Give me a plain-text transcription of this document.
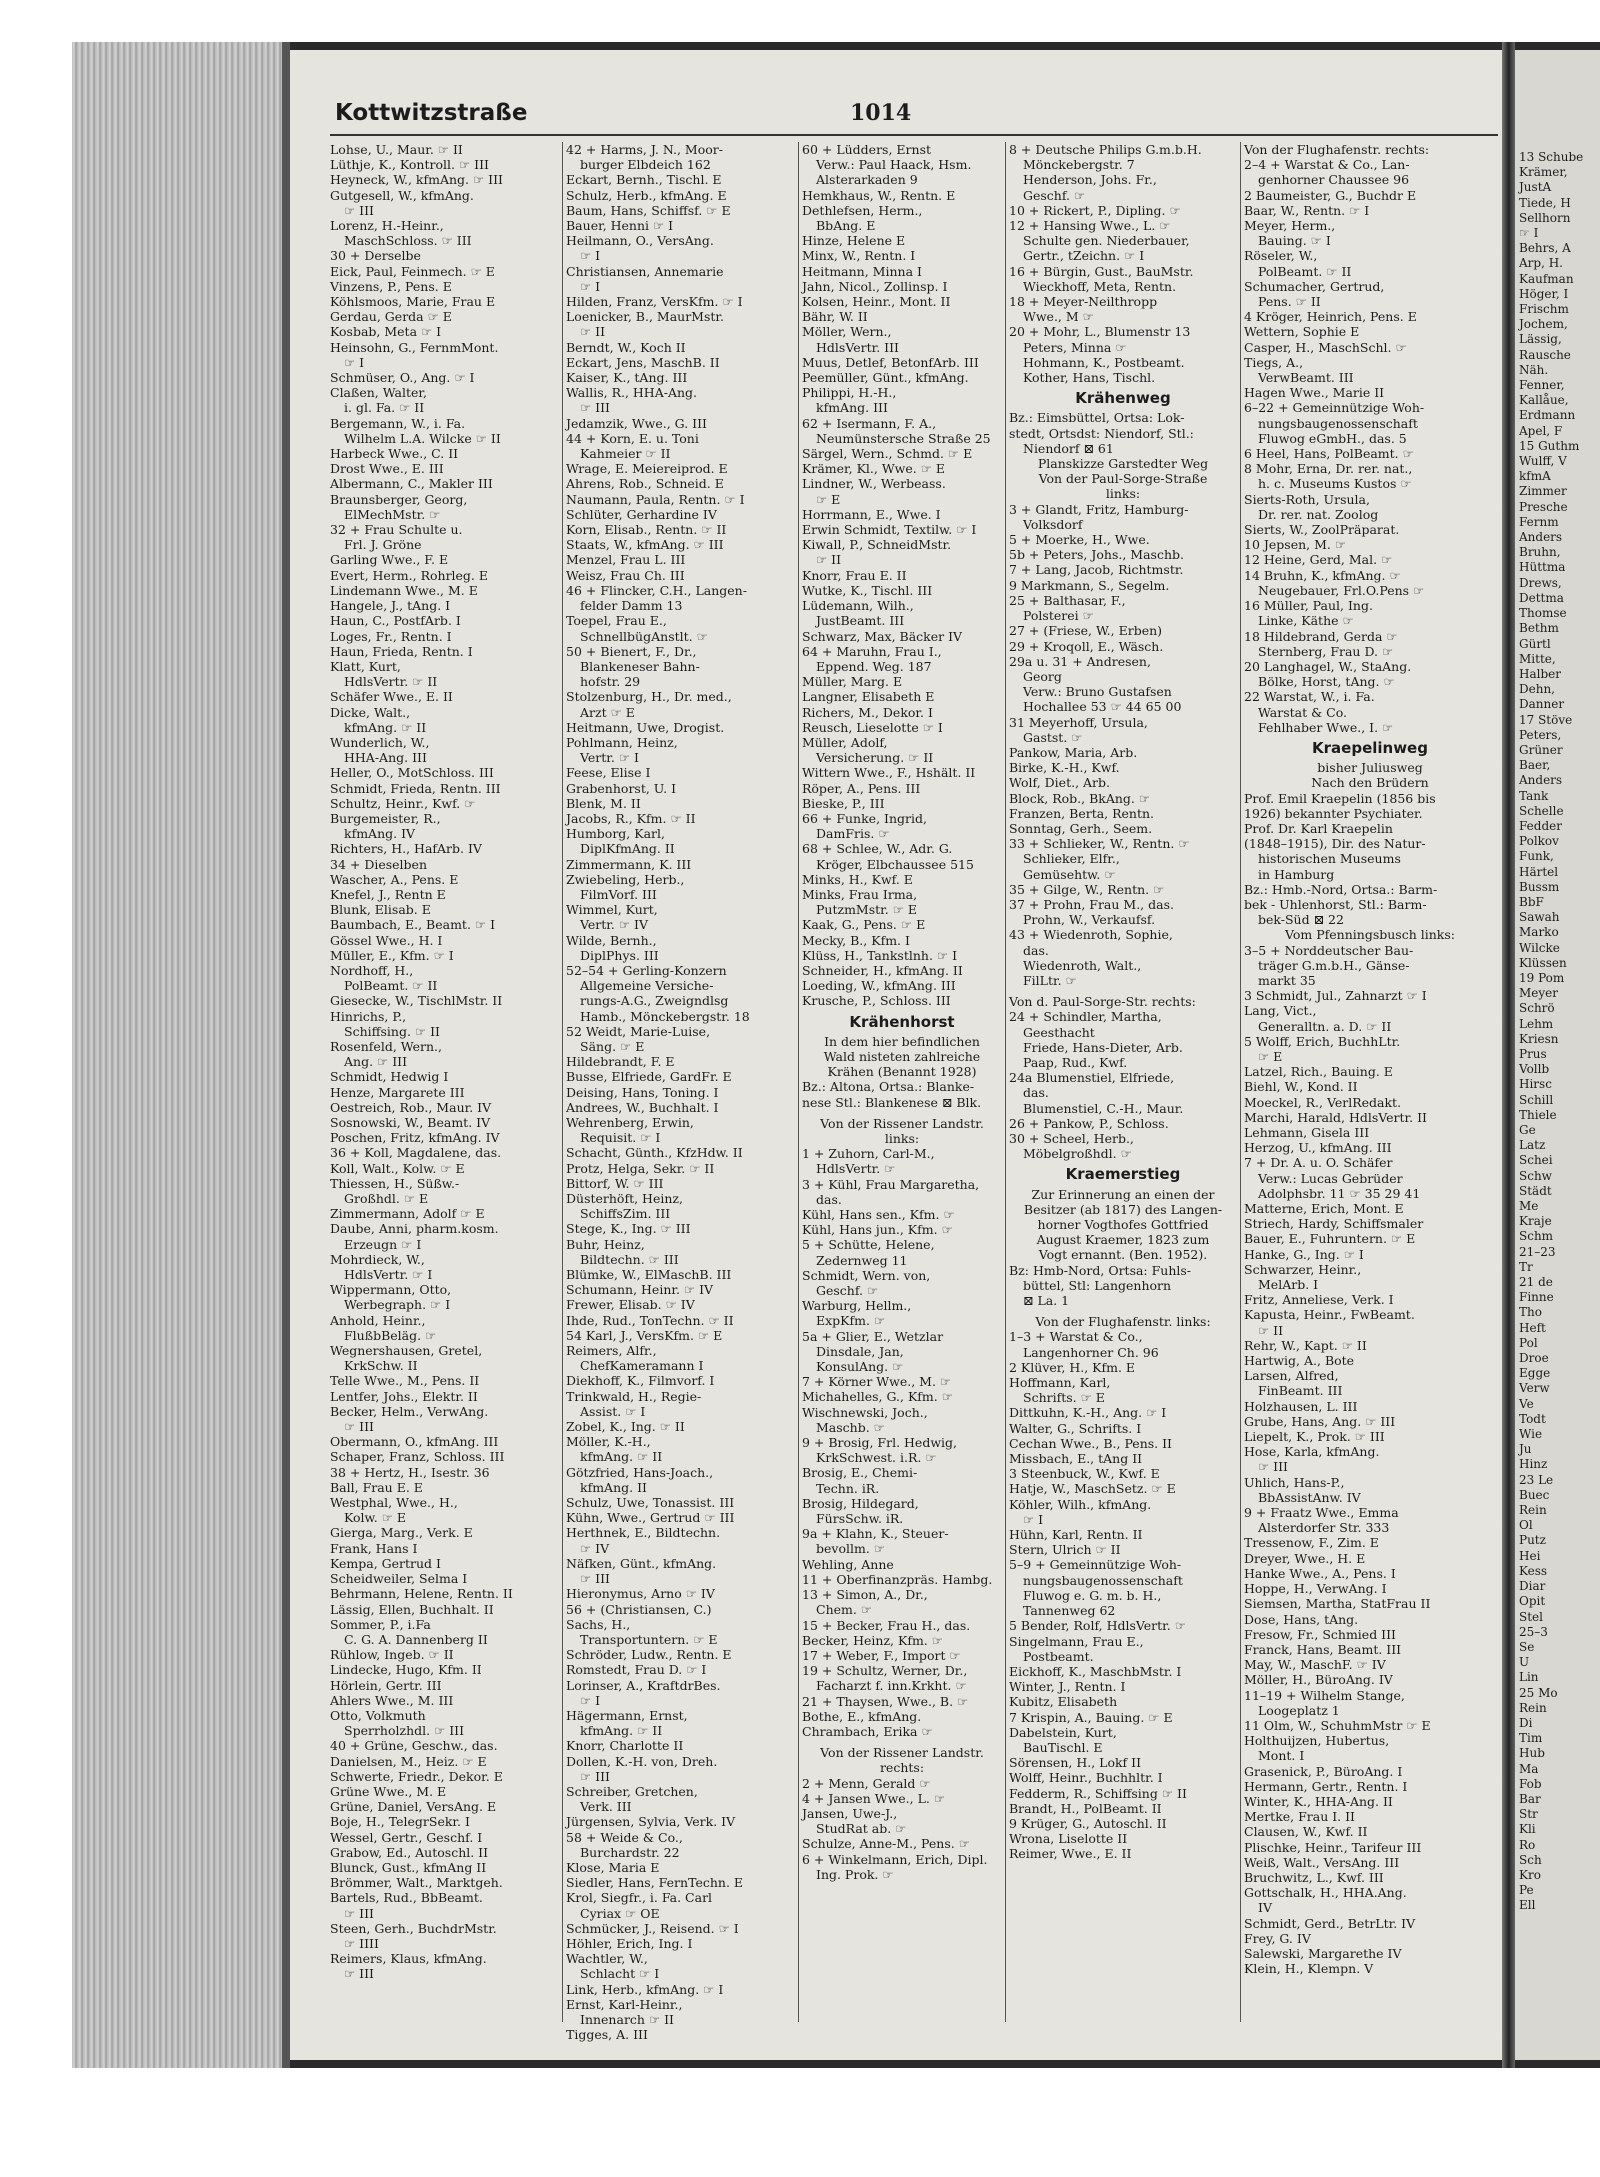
13 Schube
Krämer,
JustA
Tiede, H
Sellhorn
☞ I
Behrs, A
Arp, H.
Kaufman
Höger, I
Frischm
Jochem,
Lässig,
Rausche
Näh.
Fenner,
Kallåue,
Erdmann
Apel, F
15 Guthm
Wulff, V
kfmA
Zimmer
Presche
Fernm
Anders
Bruhn,
Hüttma
Drews,
Dettma
Thomse
Bethm
Gürtl
Mitte,
Halber
Dehn,
Danner
17 Stöve
Peters,
Grüner
Baer,
Anders
Tank
Schelle
Fedder
Polkov
Funk,
Härtel
Bussm
BbF
Sawah
Marko
Wilcke
Klüssen
19 Pom
Meyer
Schrö
Lehm
Kriesn
Prus
Vollb
Hirsc
Schill
Thiele
Ge
Latz
Schei
Schw
Städt
Me
Kraje
Schm
21–23
Tr
21 de
Finne
Tho
Heft
Pol
Droe
Egge
Verw
Ve
Todt
Wie
Ju
Hinz
23 Le
Buec
Rein
Ol
Putz
Hei
Kess
Diar
Opit
Stel
25–3
Se
U
Lin
25 Mo
Rein
Di
Tim
Hub
Ma
Fob
Bar
Str
Kli
Ro
Sch
Kro
Pe
Ell
Kottwitzstraße	1014
Lohse, U., Maur. ☞ II
Lüthje, K., Kontroll. ☞ III
Heyneck, W., kfmAng. ☞ III
Gutgesell, W., kfmAng.
☞ III
Lorenz, H.-Heinr.,
MaschSchloss. ☞ III
30 + Derselbe
Eick, Paul, Feinmech. ☞ E
Vinzens, P., Pens. E
Köhlsmoos, Marie, Frau E
Gerdau, Gerda ☞ E
Kosbab, Meta ☞ I
Heinsohn, G., FernmMont.
☞ I
Schmüser, O., Ang. ☞ I
Claßen, Walter,
i. gl. Fa. ☞ II
Bergemann, W., i. Fa.
Wilhelm L.A. Wilcke ☞ II
Harbeck Wwe., C. II
Drost Wwe., E. III
Albermann, C., Makler III
Braunsberger, Georg,
ElMechMstr. ☞
32 + Frau Schulte u.
Frl. J. Gröne
Garling Wwe., F. E
Evert, Herm., Rohrleg. E
Lindemann Wwe., M. E
Hangele, J., tAng. I
Haun, C., PostfArb. I
Loges, Fr., Rentn. I
Haun, Frieda, Rentn. I
Klatt, Kurt,
HdlsVertr. ☞ II
Schäfer Wwe., E. II
Dicke, Walt.,
kfmAng. ☞ II
Wunderlich, W.,
HHA-Ang. III
Heller, O., MotSchloss. III
Schmidt, Frieda, Rentn. III
Schultz, Heinr., Kwf. ☞
Burgemeister, R.,
kfmAng. IV
Richters, H., HafArb. IV
34 + Dieselben
Wascher, A., Pens. E
Knefel, J., Rentn E
Blunk, Elisab. E
Baumbach, E., Beamt. ☞ I
Gössel Wwe., H. I
Müller, E., Kfm. ☞ I
Nordhoff, H.,
PolBeamt. ☞ II
Giesecke, W., TischlMstr. II
Hinrichs, P.,
Schiffsing. ☞ II
Rosenfeld, Wern.,
Ang. ☞ III
Schmidt, Hedwig I
Henze, Margarete III
Oestreich, Rob., Maur. IV
Sosnowski, W., Beamt. IV
Poschen, Fritz, kfmAng. IV
36 + Koll, Magdalene, das.
Koll, Walt., Kolw. ☞ E
Thiessen, H., Süßw.-
Großhdl. ☞ E
Zimmermann, Adolf ☞ E
Daube, Anni, pharm.kosm.
Erzeugn ☞ I
Mohrdieck, W.,
HdlsVertr. ☞ I
Wippermann, Otto,
Werbegraph. ☞ I
Anhold, Heinr.,
FlußbBeläg. ☞
Wegnershausen, Gretel,
KrkSchw. II
Telle Wwe., M., Pens. II
Lentfer, Johs., Elektr. II
Becker, Helm., VerwAng.
☞ III
Obermann, O., kfmAng. III
Schaper, Franz, Schloss. III
38 + Hertz, H., Isestr. 36
Ball, Frau E. E
Westphal, Wwe., H.,
Kolw. ☞ E
Gierga, Marg., Verk. E
Frank, Hans I
Kempa, Gertrud I
Scheidweiler, Selma I
Behrmann, Helene, Rentn. II
Lässig, Ellen, Buchhalt. II
Sommer, P., i.Fa
C. G. A. Dannenberg II
Rühlow, Ingeb. ☞ II
Lindecke, Hugo, Kfm. II
Hörlein, Gertr. III
Ahlers Wwe., M. III
Otto, Volkmuth
Sperrholzhdl. ☞ III
40 + Grüne, Geschw., das.
Danielsen, M., Heiz. ☞ E
Schwerte, Friedr., Dekor. E
Grüne Wwe., M. E
Grüne, Daniel, VersAng. E
Boje, H., TelegrSekr. I
Wessel, Gertr., Geschf. I
Grabow, Ed., Autoschl. II
Blunck, Gust., kfmAng II
Brömmer, Walt., Marktgeh.
Bartels, Rud., BbBeamt.
☞ III
Steen, Gerh., BuchdrMstr.
☞ IIII
Reimers, Klaus, kfmAng.
☞ III
42 + Harms, J. N., Moor-
burger Elbdeich 162
Eckart, Bernh., Tischl. E
Schulz, Herb., kfmAng. E
Baum, Hans, Schiffsf. ☞ E
Bauer, Henni ☞ I
Heilmann, O., VersAng.
☞ I
Christiansen, Annemarie
☞ I
Hilden, Franz, VersKfm. ☞ I
Loenicker, B., MaurMstr.
☞ II
Berndt, W., Koch II
Eckart, Jens, MaschB. II
Kaiser, K., tAng. III
Wallis, R., HHA-Ang.
☞ III
Jedamzik, Wwe., G. III
44 + Korn, E. u. Toni
Kahmeier ☞ II
Wrage, E. Meiereiprod. E
Ahrens, Rob., Schneid. E
Naumann, Paula, Rentn. ☞ I
Schlüter, Gerhardine IV
Korn, Elisab., Rentn. ☞ II
Staats, W., kfmAng. ☞ III
Menzel, Frau L. III
Weisz, Frau Ch. III
46 + Flincker, C.H., Langen-
felder Damm 13
Toepel, Frau E.,
SchnellbügAnstlt. ☞
50 + Bienert, F., Dr.,
Blankeneser Bahn-
hofstr. 29
Stolzenburg, H., Dr. med.,
Arzt ☞ E
Heitmann, Uwe, Drogist.
Pohlmann, Heinz,
Vertr. ☞ I
Feese, Elise I
Grabenhorst, U. I
Blenk, M. II
Jacobs, R., Kfm. ☞ II
Humborg, Karl,
DiplKfmAng. II
Zimmermann, K. III
Zwiebeling, Herb.,
FilmVorf. III
Wimmel, Kurt,
Vertr. ☞ IV
Wilde, Bernh.,
DiplPhys. III
52–54 + Gerling-Konzern
Allgemeine Versiche-
rungs-A.G., Zweigndlsg
Hamb., Mönckebergstr. 18
52 Weidt, Marie-Luise,
Säng. ☞ E
Hildebrandt, F. E
Busse, Elfriede, GardFr. E
Deising, Hans, Toning. I
Andrees, W., Buchhalt. I
Wehrenberg, Erwin,
Requisit. ☞ I
Schacht, Günth., KfzHdw. II
Protz, Helga, Sekr. ☞ II
Bittorf, W. ☞ III
Düsterhöft, Heinz,
SchiffsZim. III
Stege, K., Ing. ☞ III
Buhr, Heinz,
Bildtechn. ☞ III
Blümke, W., ElMaschB. III
Schumann, Heinr. ☞ IV
Frewer, Elisab. ☞ IV
Ihde, Rud., TonTechn. ☞ II
54 Karl, J., VersKfm. ☞ E
Reimers, Alfr.,
ChefKameramann I
Diekhoff, K., Filmvorf. I
Trinkwald, H., Regie-
Assist. ☞ I
Zobel, K., Ing. ☞ II
Möller, K.-H.,
kfmAng. ☞ II
Götzfried, Hans-Joach.,
kfmAng. II
Schulz, Uwe, Tonassist. III
Kühn, Wwe., Gertrud ☞ III
Herthnek, E., Bildtechn.
☞ IV
Näfken, Günt., kfmAng.
☞ III
Hieronymus, Arno ☞ IV
56 + (Christiansen, C.)
Sachs, H.,
Transportuntern. ☞ E
Schröder, Ludw., Rentn. E
Romstedt, Frau D. ☞ I
Lorinser, A., KraftdrBes.
☞ I
Hägermann, Ernst,
kfmAng. ☞ II
Knorr, Charlotte II
Dollen, K.-H. von, Dreh.
☞ III
Schreiber, Gretchen,
Verk. III
Jürgensen, Sylvia, Verk. IV
58 + Weide & Co.,
Burchardstr. 22
Klose, Maria E
Siedler, Hans, FernTechn. E
Krol, Siegfr., i. Fa. Carl
Cyriax ☞ OE
Schmücker, J., Reisend. ☞ I
Höhler, Erich, Ing. I
Wachtler, W.,
Schlacht ☞ I
Link, Herb., kfmAng. ☞ I
Ernst, Karl-Heinr.,
Innenarch ☞ II
Tigges, A. III
60 + Lüdders, Ernst
Verw.: Paul Haack, Hsm.
Alsterarkaden 9
Hemkhaus, W., Rentn. E
Dethlefsen, Herm.,
BbAng. E
Hinze, Helene E
Minx, W., Rentn. I
Heitmann, Minna I
Jahn, Nicol., Zollinsp. I
Kolsen, Heinr., Mont. II
Bähr, W. II
Möller, Wern.,
HdlsVertr. III
Muus, Detlef, BetonfArb. III
Peemüller, Günt., kfmAng.
Philippi, H.-H.,
kfmAng. III
62 + Isermann, F. A.,
Neumünstersche Straße 25
Särgel, Wern., Schmd. ☞ E
Krämer, Kl., Wwe. ☞ E
Lindner, W., Werbeass.
☞ E
Horrmann, E., Wwe. I
Erwin Schmidt, Textilw. ☞ I
Kiwall, P., SchneidMstr.
☞ II
Knorr, Frau E. II
Wutke, K., Tischl. III
Lüdemann, Wilh.,
JustBeamt. III
Schwarz, Max, Bäcker IV
64 + Maruhn, Frau I.,
Eppend. Weg. 187
Müller, Marg. E
Langner, Elisabeth E
Richers, M., Dekor. I
Reusch, Lieselotte ☞ I
Müller, Adolf,
Versicherung. ☞ II
Wittern Wwe., F., Hshält. II
Röper, A., Pens. III
Bieske, P., III
66 + Funke, Ingrid,
DamFris. ☞
68 + Schlee, W., Adr. G.
Kröger, Elbchaussee 515
Minks, H., Kwf. E
Minks, Frau Irma,
PutzmMstr. ☞ E
Kaak, G., Pens. ☞ E
Mecky, B., Kfm. I
Klüss, H., Tankstlnh. ☞ I
Schneider, H., kfmAng. II
Loeding, W., kfmAng. III
Krusche, P., Schloss. III
Krähenhorst
In dem hier befindlichen
Wald nisteten zahlreiche
Krähen (Benannt 1928)
Bz.: Altona, Ortsa.: Blanke-
nese Stl.: Blankenese ⊠ Blk.
Von der Rissener Landstr.
links:
1 + Zuhorn, Carl-M.,
HdlsVertr. ☞
3 + Kühl, Frau Margaretha,
das.
Kühl, Hans sen., Kfm. ☞
Kühl, Hans jun., Kfm. ☞
5 + Schütte, Helene,
Zedernweg 11
Schmidt, Wern. von,
Geschf. ☞
Warburg, Hellm.,
ExpKfm. ☞
5a + Glier, E., Wetzlar
Dinsdale, Jan,
KonsulAng. ☞
7 + Körner Wwe., M. ☞
Michahelles, G., Kfm. ☞
Wischnewski, Joch.,
Maschb. ☞
9 + Brosig, Frl. Hedwig,
KrkSchwest. i.R. ☞
Brosig, E., Chemi-
Techn. iR.
Brosig, Hildegard,
FürsSchw. iR.
9a + Klahn, K., Steuer-
bevollm. ☞
Wehling, Anne
11 + Oberfinanzpräs. Hambg.
13 + Simon, A., Dr.,
Chem. ☞
15 + Becker, Frau H., das.
Becker, Heinz, Kfm. ☞
17 + Weber, F., Import ☞
19 + Schultz, Werner, Dr.,
Facharzt f. inn.Krkht. ☞
21 + Thaysen, Wwe., B. ☞
Bothe, E., kfmAng.
Chrambach, Erika ☞
Von der Rissener Landstr.
rechts:
2 + Menn, Gerald ☞
4 + Jansen Wwe., L. ☞
Jansen, Uwe-J.,
StudRat ab. ☞
Schulze, Anne-M., Pens. ☞
6 + Winkelmann, Erich, Dipl.
Ing. Prok. ☞
8 + Deutsche Philips G.m.b.H.
Mönckebergstr. 7
Henderson, Johs. Fr.,
Geschf. ☞
10 + Rickert, P., Dipling. ☞
12 + Hansing Wwe., L. ☞
Schulte gen. Niederbauer,
Gertr., tZeichn. ☞ I
16 + Bürgin, Gust., BauMstr.
Wieckhoff, Meta, Rentn.
18 + Meyer-Neilthropp
Wwe., M ☞
20 + Mohr, L., Blumenstr 13
Peters, Minna ☞
Hohmann, K., Postbeamt.
Kother, Hans, Tischl.
Krähenweg
Bz.: Eimsbüttel, Ortsa: Lok-
stedt, Ortsdst: Niendorf, Stl.:
Niendorf ⊠ 61
Planskizze Garstedter Weg
Von der Paul-Sorge-Straße
links:
3 + Glandt, Fritz, Hamburg-
Volksdorf
5 + Moerke, H., Wwe.
5b + Peters, Johs., Maschb.
7 + Lang, Jacob, Richtmstr.
9 Markmann, S., Segelm.
25 + Balthasar, F.,
Polsterei ☞
27 + (Friese, W., Erben)
29 + Kroqoll, E., Wäsch.
29a u. 31 + Andresen,
Georg
Verw.: Bruno Gustafsen
Hochallee 53 ☞ 44 65 00
31 Meyerhoff, Ursula,
Gastst. ☞
Pankow, Maria, Arb.
Birke, K.-H., Kwf.
Wolf, Diet., Arb.
Block, Rob., BkAng. ☞
Franzen, Berta, Rentn.
Sonntag, Gerh., Seem.
33 + Schlieker, W., Rentn. ☞
Schlieker, Elfr.,
Gemüsehtw. ☞
35 + Gilge, W., Rentn. ☞
37 + Prohn, Frau M., das.
Prohn, W., Verkaufsf.
43 + Wiedenroth, Sophie,
das.
Wiedenroth, Walt.,
FilLtr. ☞
Von d. Paul-Sorge-Str. rechts:
24 + Schindler, Martha,
Geesthacht
Friede, Hans-Dieter, Arb.
Paap, Rud., Kwf.
24a Blumenstiel, Elfriede,
das.
Blumenstiel, C.-H., Maur.
26 + Pankow, P., Schloss.
30 + Scheel, Herb.,
Möbelgroßhdl. ☞
Kraemerstieg
Zur Erinnerung an einen der
Besitzer (ab 1817) des Langen-
horner Vogthofes Gottfried
August Kraemer, 1823 zum
Vogt ernannt. (Ben. 1952).
Bz: Hmb-Nord, Ortsa: Fuhls-
büttel, Stl: Langenhorn
⊠ La. 1
Von der Flughafenstr. links:
1–3 + Warstat & Co.,
Langenhorner Ch. 96
2 Klüver, H., Kfm. E
Hoffmann, Karl,
Schrifts. ☞ E
Dittkuhn, K.-H., Ang. ☞ I
Walter, G., Schrifts. I
Cechan Wwe., B., Pens. II
Missbach, E., tAng II
3 Steenbuck, W., Kwf. E
Hatje, W., MaschSetz. ☞ E
Köhler, Wilh., kfmAng.
☞ I
Hühn, Karl, Rentn. II
Stern, Ulrich ☞ II
5–9 + Gemeinnützige Woh-
nungsbaugenossenschaft
Fluwog e. G. m. b. H.,
Tannenweg 62
5 Bender, Rolf, HdlsVertr. ☞
Singelmann, Frau E.,
Postbeamt.
Eickhoff, K., MaschbMstr. I
Winter, J., Rentn. I
Kubitz, Elisabeth
7 Krispin, A., Bauing. ☞ E
Dabelstein, Kurt,
BauTischl. E
Sörensen, H., Lokf II
Wolff, Heinr., Buchhltr. I
Fedderm, R., Schiffsing ☞ II
Brandt, H., PolBeamt. II
9 Krüger, G., Autoschl. II
Wrona, Liselotte II
Reimer, Wwe., E. II
Von der Flughafenstr. rechts:
2–4 + Warstat & Co., Lan-
genhorner Chaussee 96
2 Baumeister, G., Buchdr E
Baar, W., Rentn. ☞ I
Meyer, Herm.,
Bauing. ☞ I
Röseler, W.,
PolBeamt. ☞ II
Schumacher, Gertrud,
Pens. ☞ II
4 Kröger, Heinrich, Pens. E
Wettern, Sophie E
Casper, H., MaschSchl. ☞
Tiegs, A.,
VerwBeamt. III
Hagen Wwe., Marie II
6–22 + Gemeinnützige Woh-
nungsbaugenossenschaft
Fluwog eGmbH., das. 5
6 Heel, Hans, PolBeamt. ☞
8 Mohr, Erna, Dr. rer. nat.,
h. c. Museums Kustos ☞
Sierts-Roth, Ursula,
Dr. rer. nat. Zoolog
Sierts, W., ZoolPräparat.
10 Jepsen, M. ☞
12 Heine, Gerd, Mal. ☞
14 Bruhn, K., kfmAng. ☞
Neugebauer, Frl.O.Pens ☞
16 Müller, Paul, Ing.
Linke, Käthe ☞
18 Hildebrand, Gerda ☞
Sternberg, Frau D. ☞
20 Langhagel, W., StaAng.
Bölke, Horst, tAng. ☞
22 Warstat, W., i. Fa.
Warstat & Co.
Fehlhaber Wwe., I. ☞
Kraepelinweg
bisher Juliusweg
Nach den Brüdern
Prof. Emil Kraepelin (1856 bis
1926) bekannter Psychiater.
Prof. Dr. Karl Kraepelin
(1848–1915), Dir. des Natur-
historischen Museums
in Hamburg
Bz.: Hmb.-Nord, Ortsa.: Barm-
bek - Uhlenhorst, Stl.: Barm-
bek-Süd ⊠ 22
Vom Pfenningsbusch links:
3–5 + Norddeutscher Bau-
träger G.m.b.H., Gänse-
markt 35
3 Schmidt, Jul., Zahnarzt ☞ I
Lang, Vict.,
Generalltn. a. D. ☞ II
5 Wolff, Erich, BuchhLtr.
☞ E
Latzel, Rich., Bauing. E
Biehl, W., Kond. II
Moeckel, R., VerlRedakt.
Marchi, Harald, HdlsVertr. II
Lehmann, Gisela III
Herzog, U., kfmAng. III
7 + Dr. A. u. O. Schäfer
Verw.: Lucas Gebrüder
Adolphsbr. 11 ☞ 35 29 41
Matterne, Erich, Mont. E
Striech, Hardy, Schiffsmaler
Bauer, E., Fuhruntern. ☞ E
Hanke, G., Ing. ☞ I
Schwarzer, Heinr.,
MelArb. I
Fritz, Anneliese, Verk. I
Kapusta, Heinr., FwBeamt.
☞ II
Rehr, W., Kapt. ☞ II
Hartwig, A., Bote
Larsen, Alfred,
FinBeamt. III
Holzhausen, L. III
Grube, Hans, Ang. ☞ III
Liepelt, K., Prok. ☞ III
Hose, Karla, kfmAng.
☞ III
Uhlich, Hans-P.,
BbAssistAnw. IV
9 + Fraatz Wwe., Emma
Alsterdorfer Str. 333
Tressenow, F., Zim. E
Dreyer, Wwe., H. E
Hanke Wwe., A., Pens. I
Hoppe, H., VerwAng. I
Siemsen, Martha, StatFrau II
Dose, Hans, tAng.
Fresow, Fr., Schmied III
Franck, Hans, Beamt. III
May, W., MaschF. ☞ IV
Möller, H., BüroAng. IV
11–19 + Wilhelm Stange,
Loogeplatz 1
11 Olm, W., SchuhmMstr ☞ E
Holthuijzen, Hubertus,
Mont. I
Grasenick, P., BüroAng. I
Hermann, Gertr., Rentn. I
Winter, K., HHA-Ang. II
Mertke, Frau I. II
Clausen, W., Kwf. II
Plischke, Heinr., Tarifeur III
Weiß, Walt., VersAng. III
Bruchwitz, L., Kwf. III
Gottschalk, H., HHA.Ang.
IV
Schmidt, Gerd., BetrLtr. IV
Frey, G. IV
Salewski, Margarethe IV
Klein, H., Klempn. V
